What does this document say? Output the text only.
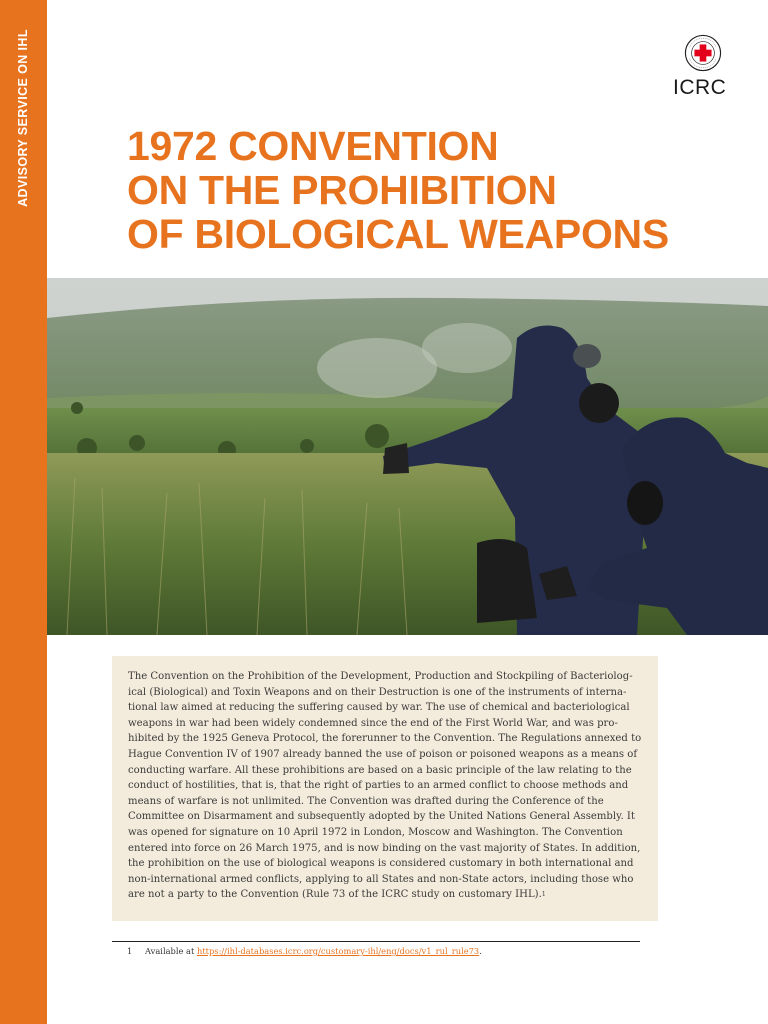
ADVISORY SERVICE ON IHL	ICRC
1972 CONVENTION
ON THE PROHIBITION
OF BIOLOGICAL WEAPONS

The Convention on the Prohibition of the Development, Production and Stockpiling of Bacteriolog-ical (Biological) and Toxin Weapons and on their Destruction is one of the instruments of interna-tional law aimed at reducing the suffering caused by war. The use of chemical and bacteriological weapons in war had been widely condemned since the end of the First World War, and was pro-hibited by the 1925 Geneva Protocol, the forerunner to the Convention. The Regulations annexed to Hague Convention IV of 1907 already banned the use of poison or poisoned weapons as a means of conducting warfare. All these prohibitions are based on a basic principle of the law relating to the conduct of hostilities, that is, that the right of parties to an armed conflict to choose methods and means of warfare is not unlimited. The Convention was drafted during the Conference of the Committee on Disarmament and subsequently adopted by the United Nations General Assembly. It was opened for signature on 10 April 1972 in London, Moscow and Washington. The Convention entered into force on 26 March 1975, and is now binding on the vast majority of States. In addition, the prohibition on the use of biological weapons is considered customary in both international and non-international armed conflicts, applying to all States and non-State actors, including those who are not a party to the Convention (Rule 73 of the ICRC study on customary IHL).$^1$

1 Available at https://ihl-databases.icrc.org/customary-ihl/eng/docs/v1_rul_rule73.
